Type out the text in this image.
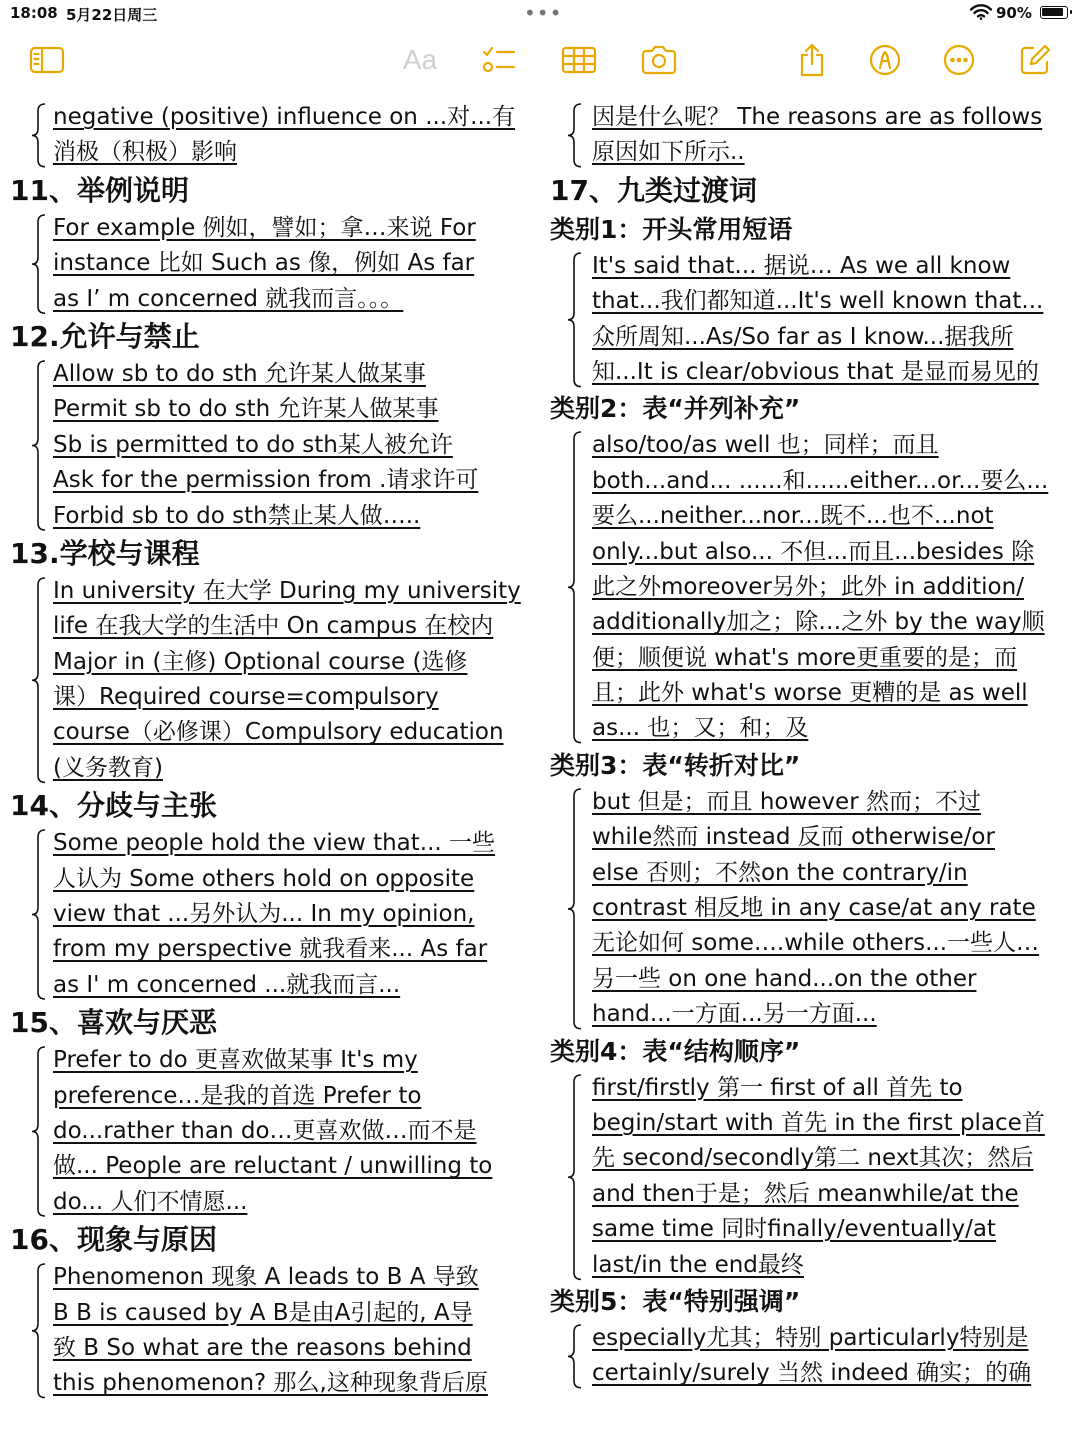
18:08 5月22日周三	•••	90%
Aa
negative (positive) influence on ...对...有
消极（积极）影响
11、举例说明
For example 例如，譬如；拿…来说 For
instance 比如 Such as 像，例如 As far
as I’ m concerned 就我而言。。。
12.允许与禁止
Allow sb to do sth 允许某人做某事
Permit sb to do sth 允许某人做某事
Sb is permitted to do sth某人被允许
Ask for the permission from .请求许可
Forbid sb to do sth禁止某人做…..
13.学校与课程
In university 在大学 During my university
life 在我大学的生活中 On campus 在校内
Major in (主修) Optional course (选修
课）Required course=compulsory
course（必修课）Compulsory education
(义务教育)
14、分歧与主张
Some people hold the view that... 一些
人认为 Some others hold on opposite
view that ...另外认为... In my opinion,
from my perspective 就我看来... As far
as I' m concerned ...就我而言...
15、喜欢与厌恶
Prefer to do 更喜欢做某事 It's my
preference…是我的首选 Prefer to
do...rather than do…更喜欢做…而不是
做... People are reluctant / unwilling to
do... 人们不情愿...
16、现象与原因
Phenomenon 现象 A leads to B A 导致
B B is caused by A B是由A引起的, A导
致 B So what are the reasons behind
this phenomenon? 那么,这种现象背后原
因是什么呢？ The reasons are as follows
原因如下所示..
17、九类过渡词
类别1：开头常用短语
It's said that... 据说… As we all know
that...我们都知道...It's well known that...
众所周知...As/So far as I know...据我所
知...It is clear/obvious that 是显而易见的
类别2：表“并列补充”
also/too/as well 也；同样；而且
both...and... ......和......either...or...要么...
要么...neither...nor...既不...也不...not
only...but also... 不但...而且...besides 除
此之外moreover另外；此外 in addition/
additionally加之；除…之外 by the way顺
便；顺便说 what's more更重要的是；而
且；此外 what's worse 更糟的是 as well
as... 也；又；和；及
类别3：表“转折对比”
but 但是；而且 however 然而；不过
while然而 instead 反而 otherwise/or
else 否则；不然on the contrary/in
contrast 相反地 in any case/at any rate
无论如何 some….while others...一些人…
另一些 on one hand...on the other
hand...一方面...另一方面...
类别4：表“结构顺序”
first/firstly 第一 first of all 首先 to
begin/start with 首先 in the first place首
先 second/secondly第二 next其次；然后
and then于是；然后 meanwhile/at the
same time 同时finally/eventually/at
last/in the end最终
类别5：表“特别强调”
especially尤其；特别 particularly特别是
certainly/surely 当然 indeed 确实；的确
